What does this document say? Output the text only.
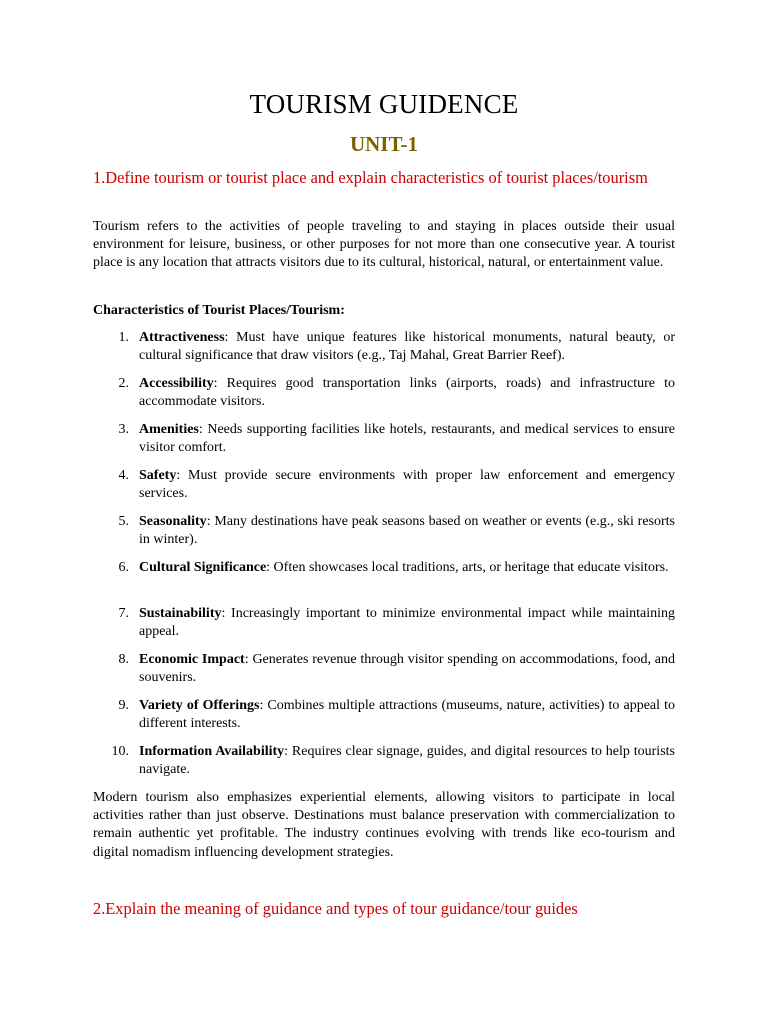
TOURISM GUIDENCE
UNIT-1
1.Define tourism or tourist place and explain characteristics of tourist places/tourism
Tourism refers to the activities of people traveling to and staying in places outside their usual environment for leisure, business, or other purposes for not more than one consecutive year. A tourist place is any location that attracts visitors due to its cultural, historical, natural, or entertainment value.
Characteristics of Tourist Places/Tourism:
1. Attractiveness: Must have unique features like historical monuments, natural beauty, or cultural significance that draw visitors (e.g., Taj Mahal, Great Barrier Reef).
2. Accessibility: Requires good transportation links (airports, roads) and infrastructure to accommodate visitors.
3. Amenities: Needs supporting facilities like hotels, restaurants, and medical services to ensure visitor comfort.
4. Safety: Must provide secure environments with proper law enforcement and emergency services.
5. Seasonality: Many destinations have peak seasons based on weather or events (e.g., ski resorts in winter).
6. Cultural Significance: Often showcases local traditions, arts, or heritage that educate visitors.
7. Sustainability: Increasingly important to minimize environmental impact while maintaining appeal.
8. Economic Impact: Generates revenue through visitor spending on accommodations, food, and souvenirs.
9. Variety of Offerings: Combines multiple attractions (museums, nature, activities) to appeal to different interests.
10. Information Availability: Requires clear signage, guides, and digital resources to help tourists navigate.
Modern tourism also emphasizes experiential elements, allowing visitors to participate in local activities rather than just observe. Destinations must balance preservation with commercialization to remain authentic yet profitable. The industry continues evolving with trends like eco-tourism and digital nomadism influencing development strategies.
2.Explain the meaning of guidance and types of tour guidance/tour guides
